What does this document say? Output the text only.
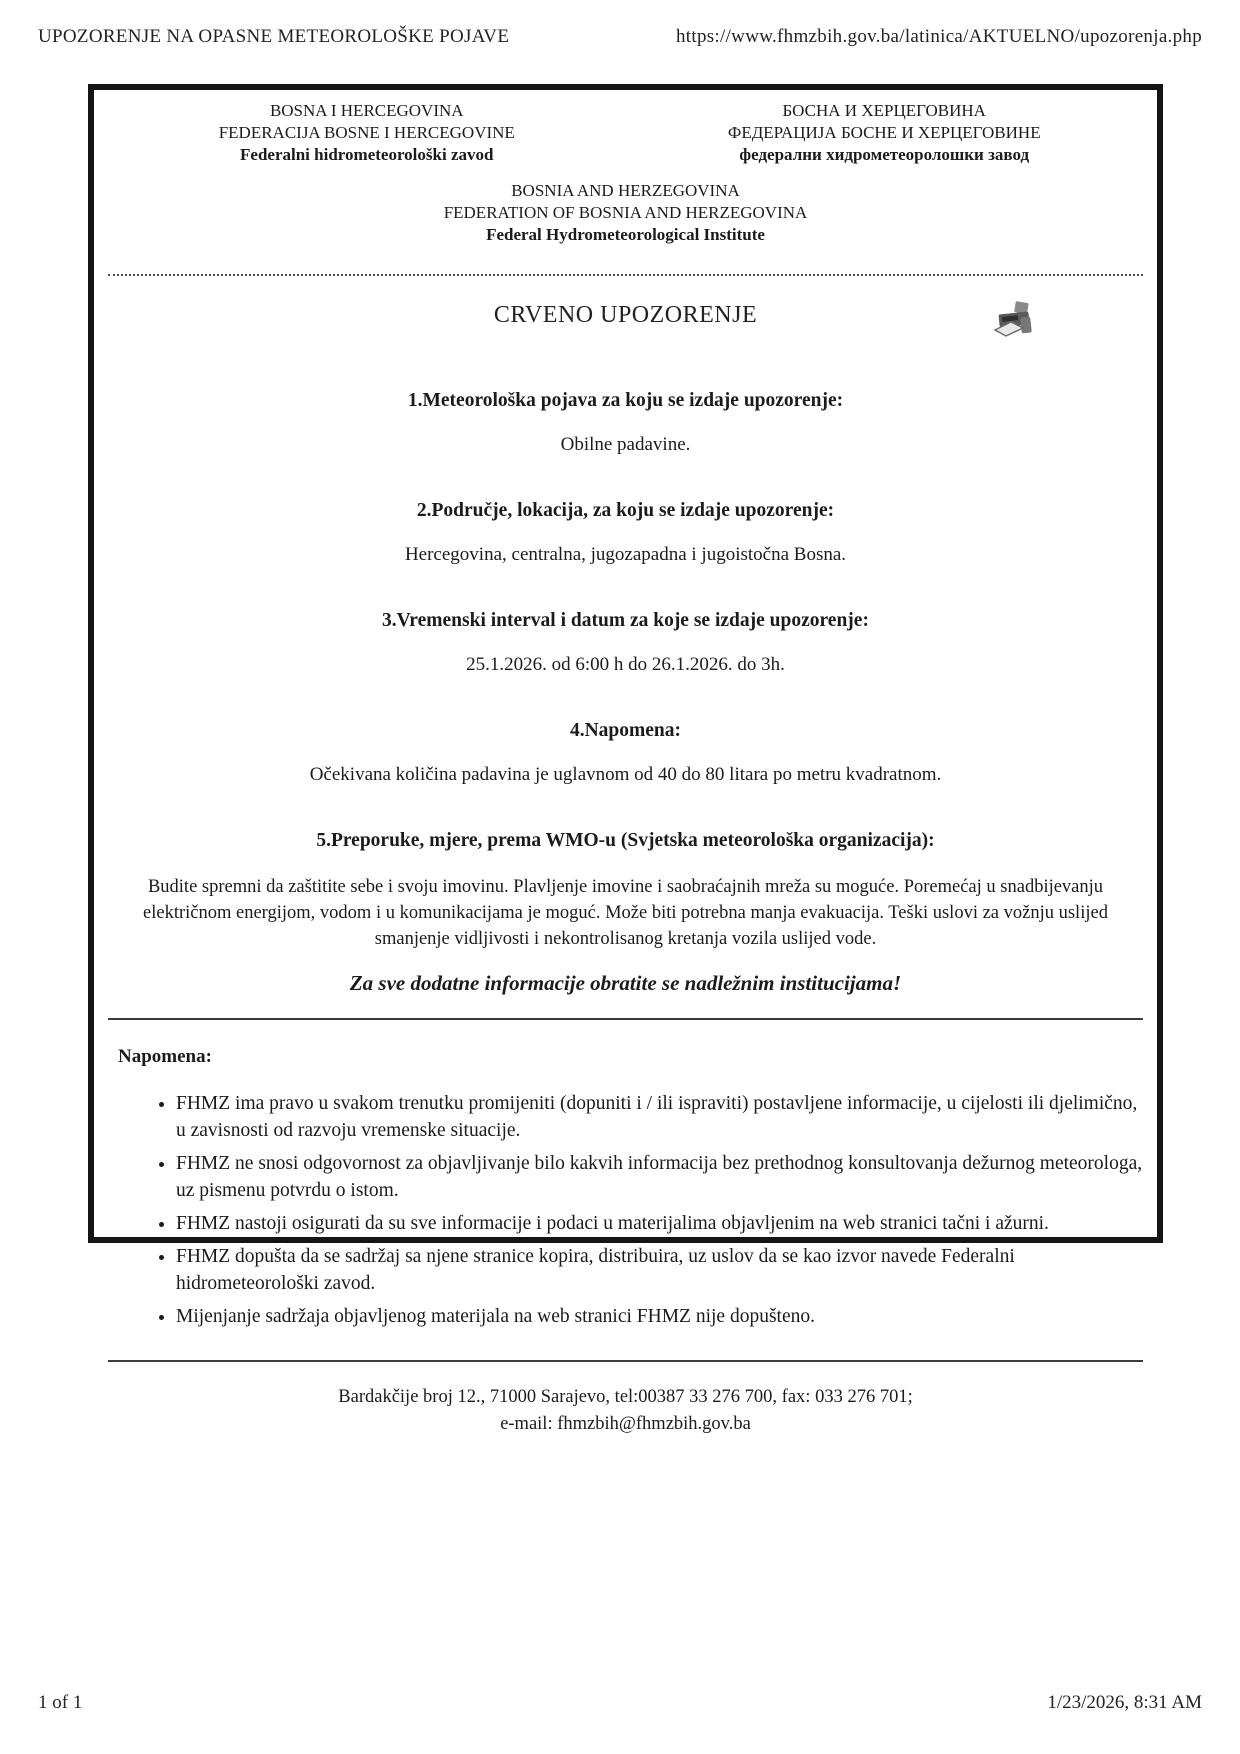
UPOZORENJE NA OPASNE METEOROLOŠKE POJAVE	https://www.fhmzbih.gov.ba/latinica/AKTUELNO/upozorenja.php
BOSNA I HERCEGOVINA
FEDERACIJA BOSNE I HERCEGOVINE
Federalni hidrometeorološki zavod
БОСНА И ХЕРЦЕГОВИНА
ФЕДЕРАЦИЈА БОСНЕ И ХЕРЦЕГОВИНЕ
федерални хидрометеоролошки завод
BOSNIA AND HERZEGOVINA
FEDERATION OF BOSNIA AND HERZEGOVINA
Federal Hydrometeorological Institute
CRVENO UPOZORENJE
1.Meteorološka pojava za koju se izdaje upozorenje:
Obilne padavine.
2.Područje, lokacija, za koju se izdaje upozorenje:
Hercegovina, centralna, jugozapadna i jugoistočna Bosna.
3.Vremenski interval i datum za koje se izdaje upozorenje:
25.1.2026. od 6:00 h do 26.1.2026. do 3h.
4.Napomena:
Očekivana količina padavina je uglavnom od 40 do 80 litara po metru kvadratnom.
5.Preporuke, mjere, prema WMO-u (Svjetska meteorološka organizacija):

Budite spremni da zaštitite sebe i svoju imovinu. Plavljenje imovine i saobraćajnih mreža su moguće. Poremećaj u snadbijevanju električnom energijom, vodom i u komunikacijama je moguć. Može biti potrebna manja evakuacija. Teški uslovi za vožnju uslijed smanjenje vidljivosti i nekontrolisanog kretanja vozila uslijed vode.

Za sve dodatne informacije obratite se nadležnim institucijama!
Napomena:
• FHMZ ima pravo u svakom trenutku promijeniti (dopuniti i / ili ispraviti) postavljene informacije, u cijelosti ili djelimično, u zavisnosti od razvoju vremenske situacije.
• FHMZ ne snosi odgovornost za objavljivanje bilo kakvih informacija bez prethodnog konsultovanja dežurnog meteorologa, uz pismenu potvrdu o istom.
• FHMZ nastoji osigurati da su sve informacije i podaci u materijalima objavljenim na web stranici tačni i ažurni.
• FHMZ dopušta da se sadržaj sa njene stranice kopira, distribuira, uz uslov da se kao izvor navede Federalni hidrometeorološki zavod.
• Mijenjanje sadržaja objavljenog materijala na web stranici FHMZ nije dopušteno.
Bardakčije broj 12., 71000 Sarajevo, tel:00387 33 276 700, fax: 033 276 701;
e-mail: fhmzbih@fhmzbih.gov.ba
1 of 1	1/23/2026, 8:31 AM
